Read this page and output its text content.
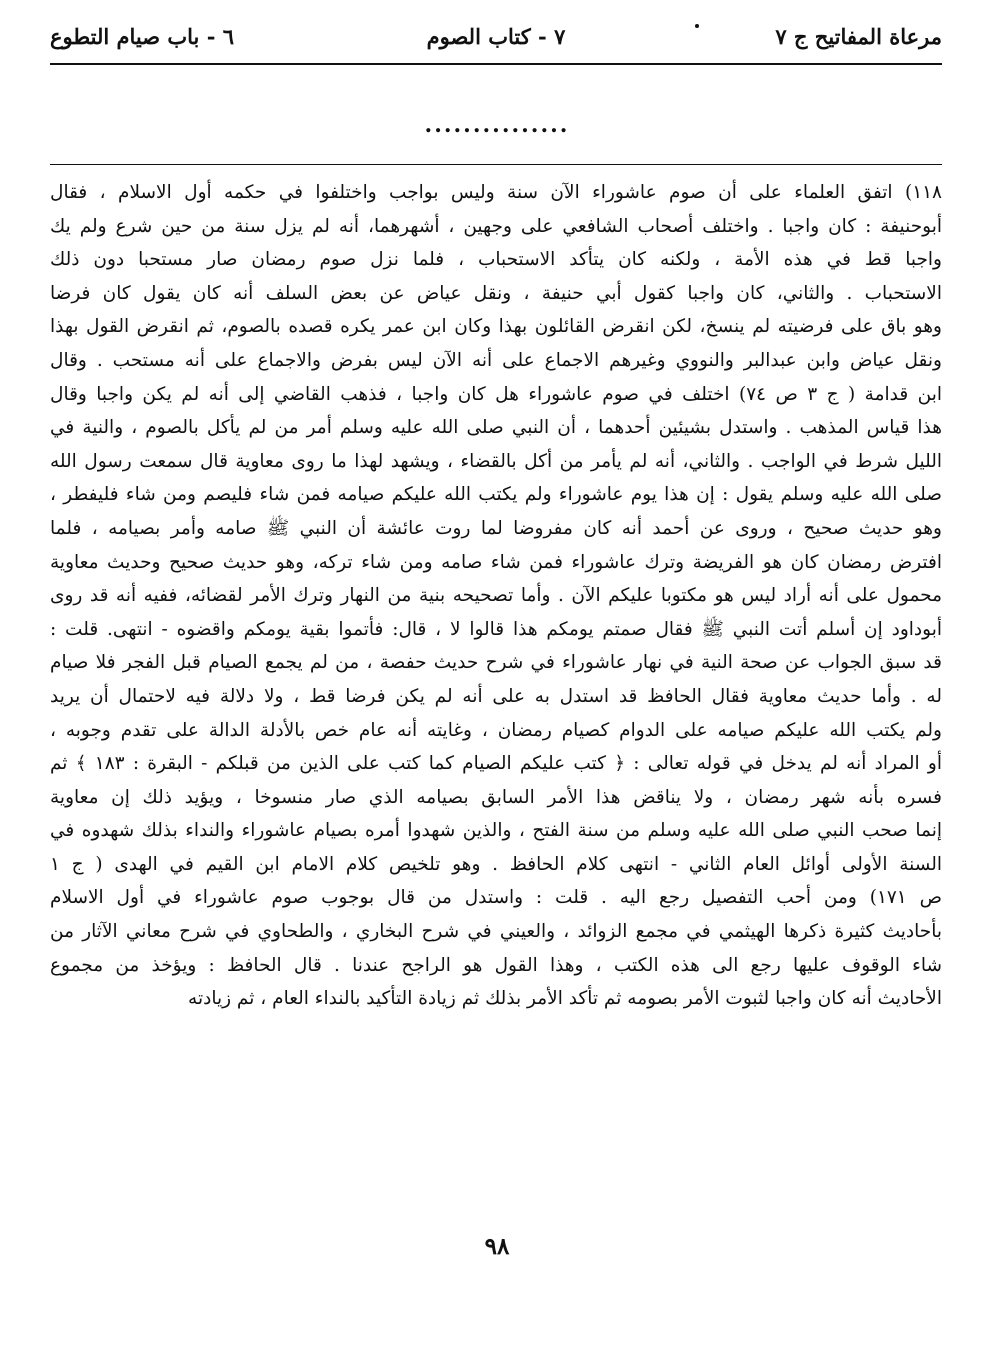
مرعاة المفاتيح ج ٧
٧ - كتاب الصوم
٦ - باب صيام التطوع
...............
١١٨) اتفق العلماء على أن صوم عاشوراء الآن سنة وليس بواجب واختلفوا في حكمه أول الاسلام ، فقال
أبوحنيفة : كان واجبا . واختلف أصحاب الشافعي على وجهين ، أشهرهما، أنه لم يزل سنة من حين شرع ولم يك
واجبا قط في هذه الأمة ، ولكنه كان يتأكد الاستحباب ، فلما نزل صوم رمضان صار مستحبا دون ذلك
الاستحباب . والثاني، كان واجبا كقول أبي حنيفة ، ونقل عياض عن بعض السلف أنه كان يقول كان فرضا
وهو باق على فرضيته لم ينسخ، لكن انقرض القائلون بهذا وكان ابن عمر يكره قصده بالصوم، ثم انقرض القول بهذا
ونقل عياض وابن عبدالبر والنووي وغيرهم الاجماع على أنه الآن ليس بفرض والاجماع على أنه مستحب . وقال
ابن قدامة ( ج ٣ ص ٧٤) اختلف في صوم عاشوراء هل كان واجبا ، فذهب القاضي إلى أنه لم يكن واجبا وقال
هذا قياس المذهب . واستدل بشيئين أحدهما ، أن النبي صلى الله عليه وسلم أمر من لم يأكل بالصوم ، والنية في
الليل شرط في الواجب . والثاني، أنه لم يأمر من أكل بالقضاء ، ويشهد لهذا ما روى معاوية قال سمعت رسول الله
صلى الله عليه وسلم يقول : إن هذا يوم عاشوراء ولم يكتب الله عليكم صيامه فمن شاء فليصم ومن شاء فليفطر ،
وهو حديث صحيح ، وروى عن أحمد أنه كان مفروضا لما روت عائشة أن النبي ﷺ صامه وأمر بصيامه ، فلما
افترض رمضان كان هو الفريضة وترك عاشوراء فمن شاء صامه ومن شاء تركه، وهو حديث صحيح وحديث معاوية
محمول على أنه أراد ليس هو مكتوبا عليكم الآن . وأما تصحيحه بنية من النهار وترك الأمر لقضائه، ففيه أنه قد روى
أبوداود إن أسلم أتت النبي ﷺ فقال صمتم يومكم هذا قالوا لا ، قال: فأتموا بقية يومكم واقضوه - انتهى. قلت :
قد سبق الجواب عن صحة النية في نهار عاشوراء في شرح حديث حفصة ، من لم يجمع الصيام قبل الفجر فلا صيام
له . وأما حديث معاوية فقال الحافظ قد استدل به على أنه لم يكن فرضا قط ، ولا دلالة فيه لاحتمال أن يريد
ولم يكتب الله عليكم صيامه على الدوام كصيام رمضان ، وغايته أنه عام خص بالأدلة الدالة على تقدم وجوبه ،
أو المراد أنه لم يدخل في قوله تعالى : ﴿ كتب عليكم الصيام كما كتب على الذين من قبلكم - البقرة : ١٨٣ ﴾ ثم
فسره بأنه شهر رمضان ، ولا يناقض هذا الأمر السابق بصيامه الذي صار منسوخا ، ويؤيد ذلك إن معاوية
إنما صحب النبي صلى الله عليه وسلم من سنة الفتح ، والذين شهدوا أمره بصيام عاشوراء والنداء بذلك شهدوه في
السنة الأولى أوائل العام الثاني - انتهى كلام الحافظ . وهو تلخيص كلام الامام ابن القيم في الهدى ( ج ١
ص ١٧١) ومن أحب التفصيل رجع اليه . قلت : واستدل من قال بوجوب صوم عاشوراء في أول الاسلام
بأحاديث كثيرة ذكرها الهيثمي في مجمع الزوائد ، والعيني في شرح البخاري ، والطحاوي في شرح معاني الآثار من
شاء الوقوف عليها رجع الى هذه الكتب ، وهذا القول هو الراجح عندنا . قال الحافظ : ويؤخذ من مجموع
الأحاديث أنه كان واجبا لثبوت الأمر بصومه ثم تأكد الأمر بذلك ثم زيادة التأكيد بالنداء العام ، ثم زيادته
٩٨
